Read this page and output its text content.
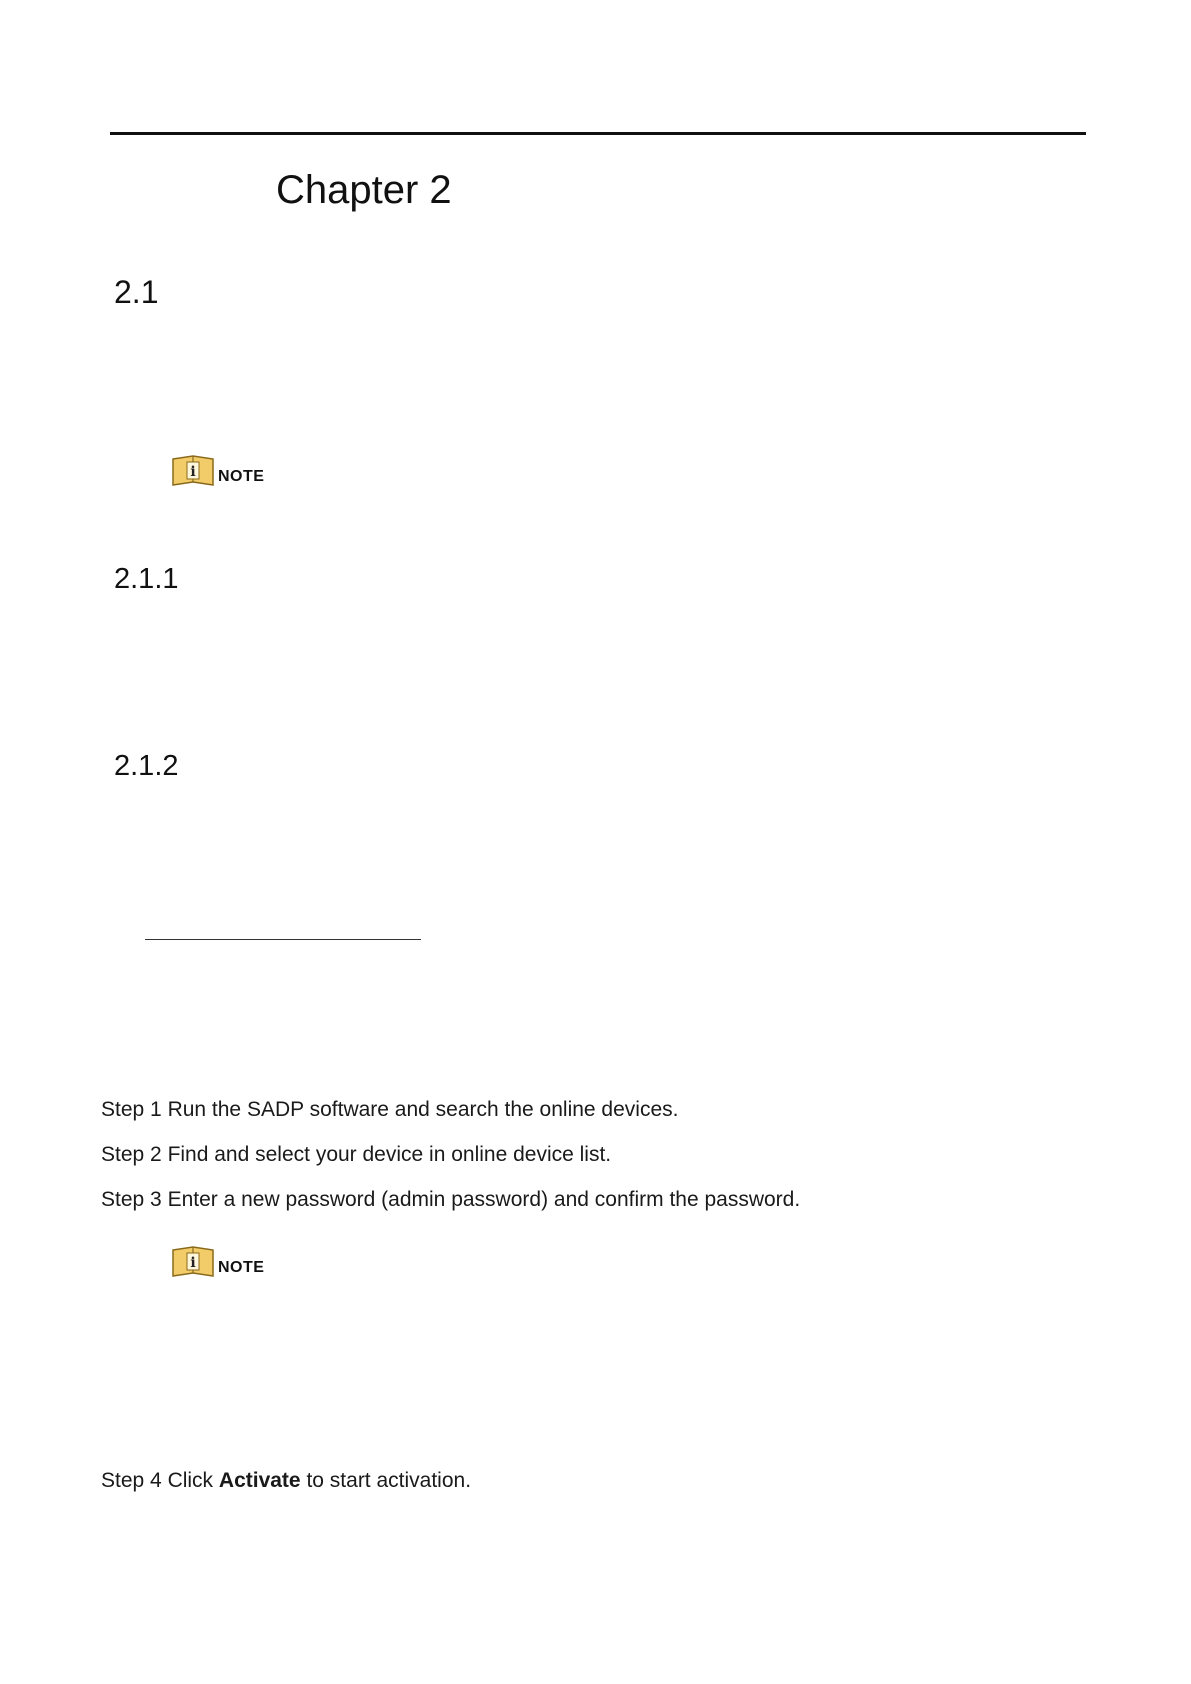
Chapter 2
2.1
i NOTE
2.1.1
2.1.2
Step 1 Run the SADP software and search the online devices.
Step 2 Find and select your device in online device list.
Step 3 Enter a new password (admin password) and confirm the password.
i NOTE
Step 4 Click Activate to start activation.
